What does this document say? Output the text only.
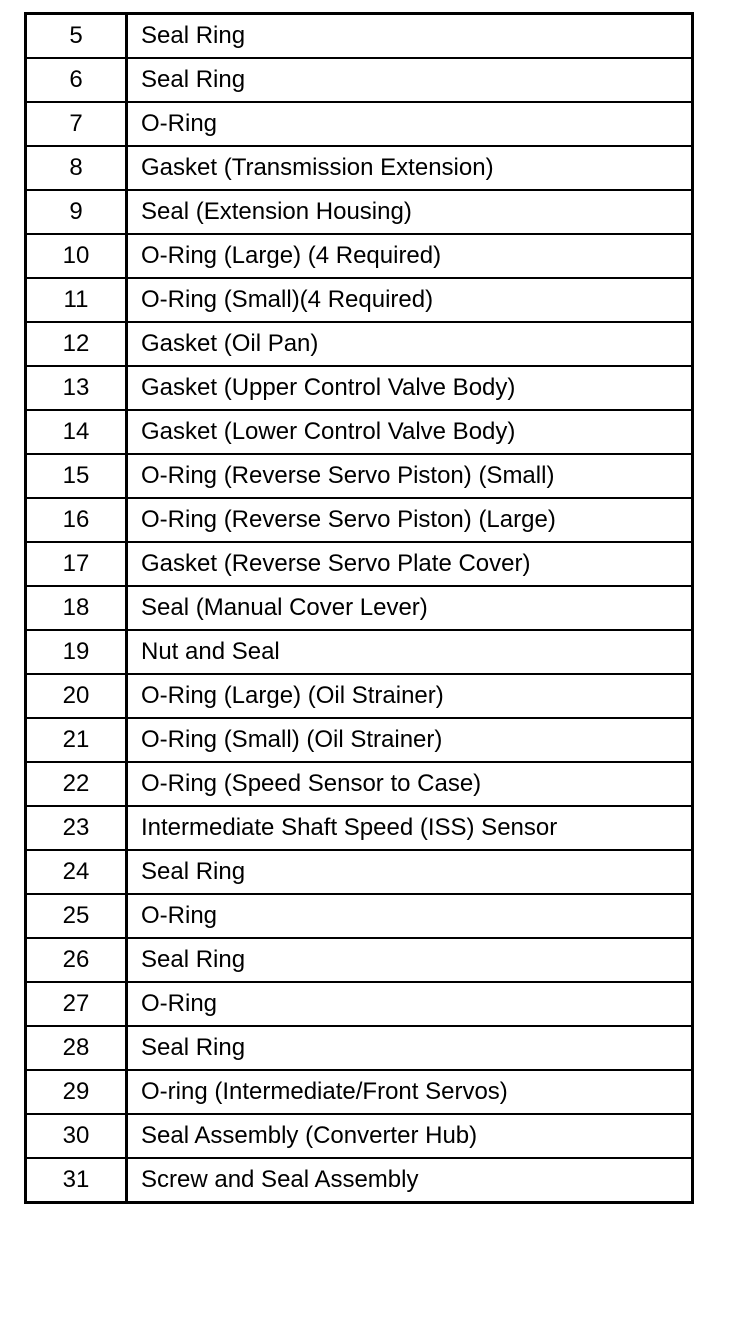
5	Seal Ring
6	Seal Ring
7	O-Ring
8	Gasket (Transmission Extension)
9	Seal (Extension Housing)
10	O-Ring (Large) (4 Required)
11	O-Ring (Small)(4 Required)
12	Gasket (Oil Pan)
13	Gasket (Upper Control Valve Body)
14	Gasket (Lower Control Valve Body)
15	O-Ring (Reverse Servo Piston) (Small)
16	O-Ring (Reverse Servo Piston) (Large)
17	Gasket (Reverse Servo Plate Cover)
18	Seal (Manual Cover Lever)
19	Nut and Seal
20	O-Ring (Large) (Oil Strainer)
21	O-Ring (Small) (Oil Strainer)
22	O-Ring (Speed Sensor to Case)
23	Intermediate Shaft Speed (ISS) Sensor
24	Seal Ring
25	O-Ring
26	Seal Ring
27	O-Ring
28	Seal Ring
29	O-ring (Intermediate/Front Servos)
30	Seal Assembly (Converter Hub)
31	Screw and Seal Assembly
